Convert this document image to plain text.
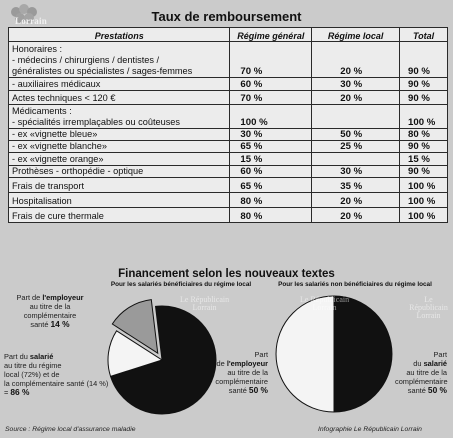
Lorrain	Taux de remboursement
Prestations	Régime général	Régime local	Total
Honoraires :			
- médecins / chirurgiens / dentistes /			
généralistes ou spécialistes / sages-femmes	70 %	20 %	90 %
- auxiliaires médicaux	60 %	30 %	90 %
Actes techniques < 120 €	70 %	20 %	90 %
Médicaments :			
- spécialités irremplaçables ou coûteuses	100 %		100 %
- ex «vignette bleue»	30 %	50 %	80 %
- ex «vignette blanche»	65 %	25 %	90 %
- ex «vignette orange»	15 %		15 %
Prothèses - orthopédie - optique	60 %	30 %	90 %
Frais de transport	65 %	35 %	100 %
Hospitalisation	80 %	20 %	100 %
Frais de cure thermale	80 %	20 %	100 %
Financement selon les nouveaux textes
Pour les salariés bénéficiaires du régime local	Pour les salariés non bénéficiaires du régime local
Part de l'employeur
au titre de la
complémentaire
santé 14 %
Part du salarié
au titre du régime
local (72%) et de
la complémentaire santé (14 %)
= 86 %
Part
de l'employeur
au titre de la
complémentaire
santé 50 %
Part
du salarié
au titre de la
complémentaire
santé 50 %
Le Républicain
Lorrain
Le Républicain
Lorrain
Le Républicain
Lorrain
Source : Régime local d'assurance maladie	Infographie Le Républicain Lorrain
